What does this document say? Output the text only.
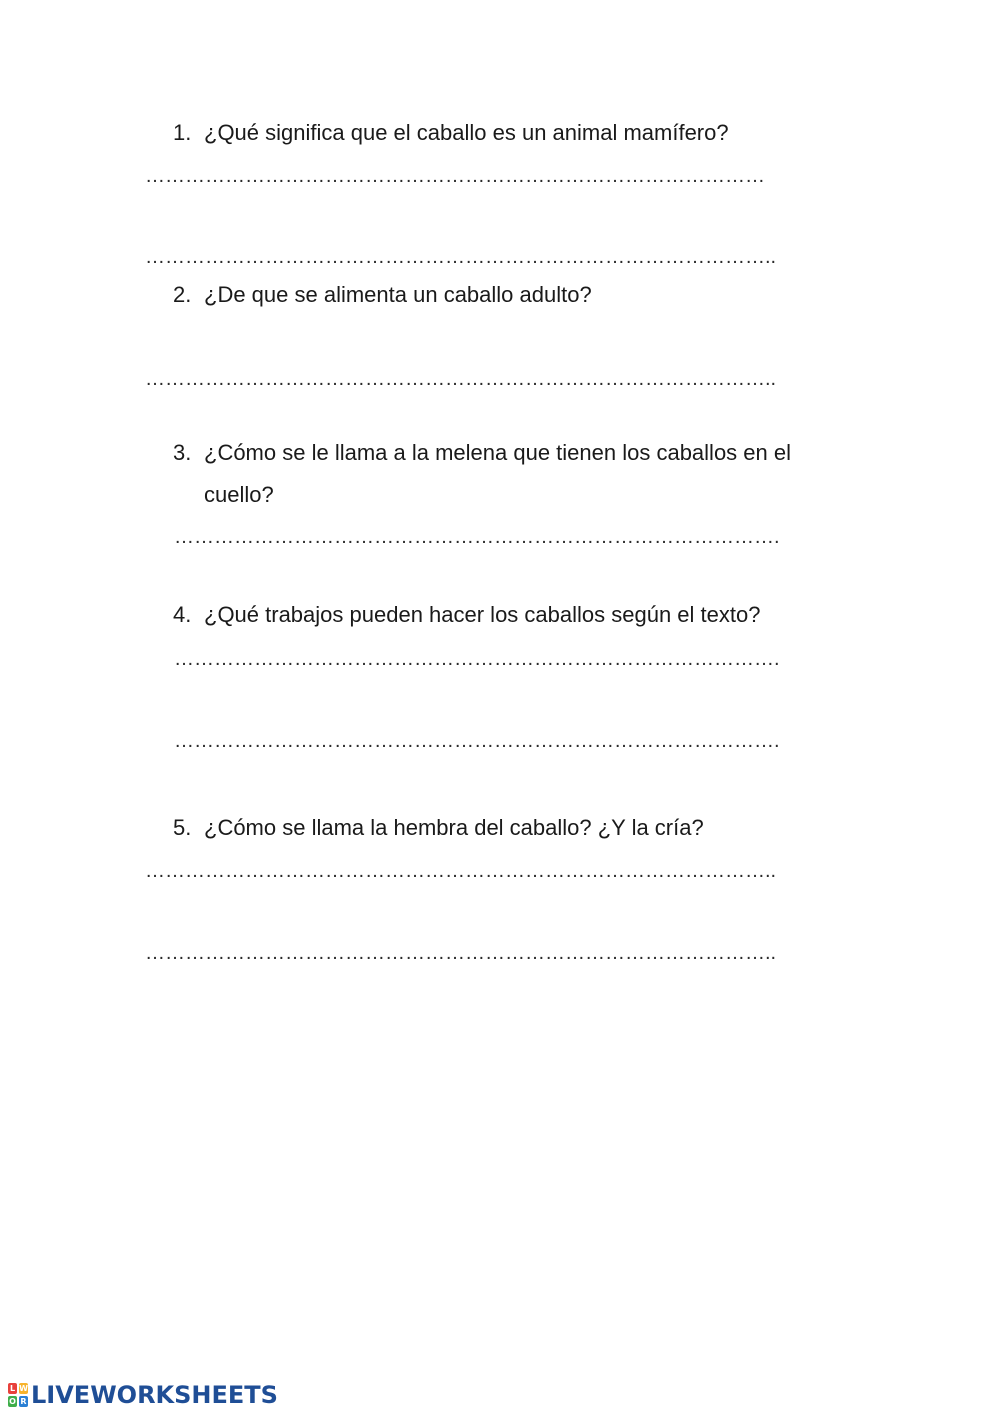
1. ¿Qué significa que el caballo es un animal mamífero?
…………………………………………………………………………………
…………………………………………………………………………………..
2. ¿De que se alimenta un caballo adulto?
…………………………………………………………………………………..
3. ¿Cómo se le llama a la melena que tienen los caballos en el cuello?
……………………………………………………………………………….
4. ¿Qué trabajos pueden hacer los caballos según el texto?
……………………………………………………………………………….
……………………………………………………………………………….
5. ¿Cómo se llama la hembra del caballo? ¿Y la cría?
…………………………………………………………………………………..
…………………………………………………………………………………..
L W
O R LIVEWORKSHEETS
